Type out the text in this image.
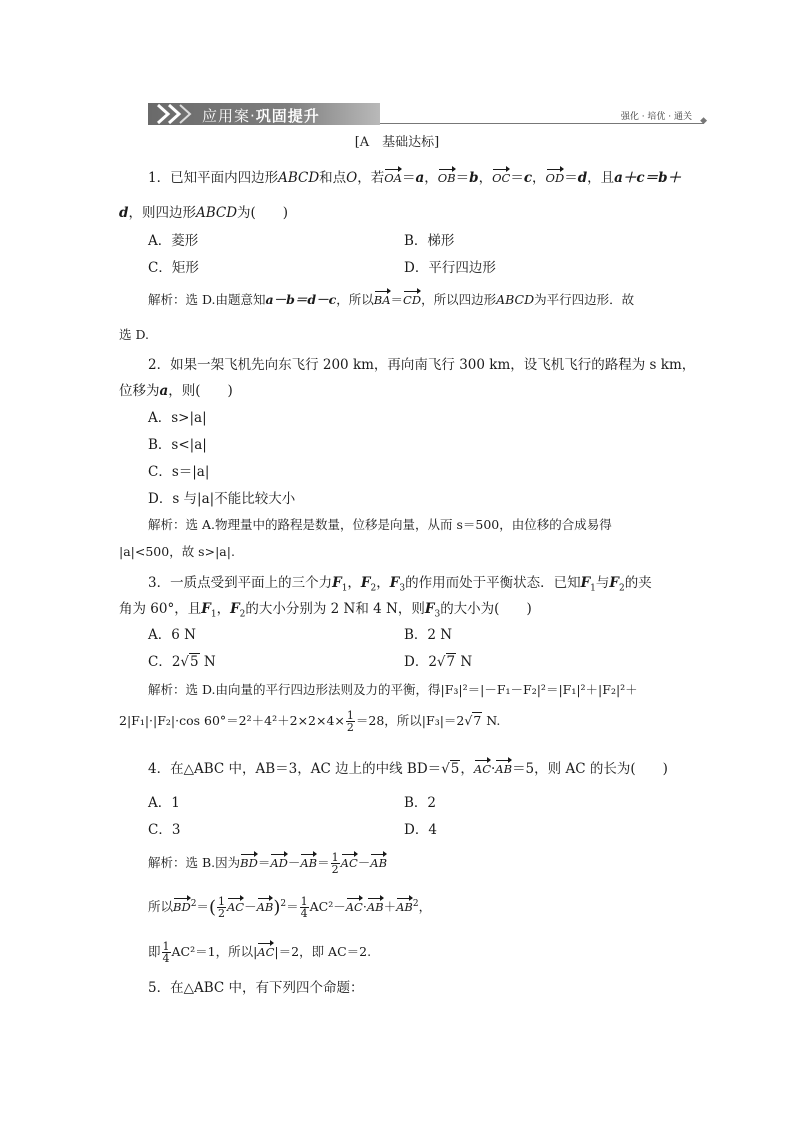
应用案·巩固提升	强化 · 培优 · 通关 ◆
[A　基础达标]
1．已知平面内四边形ABCD和点O，若OA＝a，OB＝b，OC＝c，OD＝d，且a＋c＝b＋
d，则四边形ABCD为(　　)
A．菱形	B．梯形
C．矩形	D．平行四边形
解析：选 D.由题意知a－b＝d－c，所以BA＝CD，所以四边形ABCD为平行四边形．故
选 D.
2．如果一架飞机先向东飞行 200 km，再向南飞行 300 km，设飞机飞行的路程为 s km，
位移为a，则(　　)
A．s>|a|
B．s<|a|
C．s＝|a|
D．s 与|a|不能比较大小
解析：选 A.物理量中的路程是数量，位移是向量，从而 s＝500，由位移的合成易得
|a|<500，故 s>|a|.
3．一质点受到平面上的三个力$F_1$，$F_2$，$F_3$的作用而处于平衡状态．已知$F_1$与$F_2$的夹
角为 60°，且$F_1$，$F_2$的大小分别为 2 N和 4 N，则$F_3$的大小为(　　)
A．6 N	B．2 N
C．2√5 N	D．2√7 N
解析：选 D.由向量的平行四边形法则及力的平衡，得|F₃|²＝|－F₁－F₂|²＝|F₁|²＋|F₂|²＋
2|F₁|·|F₂|·cos $60^\circ=2^2+4^2+2\times 2\times 4\times \frac{1}{2} =28$，所以|F₃|＝2√7 N.
4．在△ABC 中，AB＝3，AC 边上的中线 BD＝√5，AC·AB＝5，则 AC 的长为(　　)
A．1	B．2
C．3	D．4
解析：选 B.因为$BD=AD-AB= \frac{1}{2} AC-AB$
所以$BD^2=( \frac{1}{2} AC-AB)^2= \frac{1}{4} AC^2-AC\cdot AB+AB^2$，
即 $\frac{1}{4} AC^2=1$，所以|AC|＝2，即 AC＝2.
5．在△ABC 中，有下列四个命题：
